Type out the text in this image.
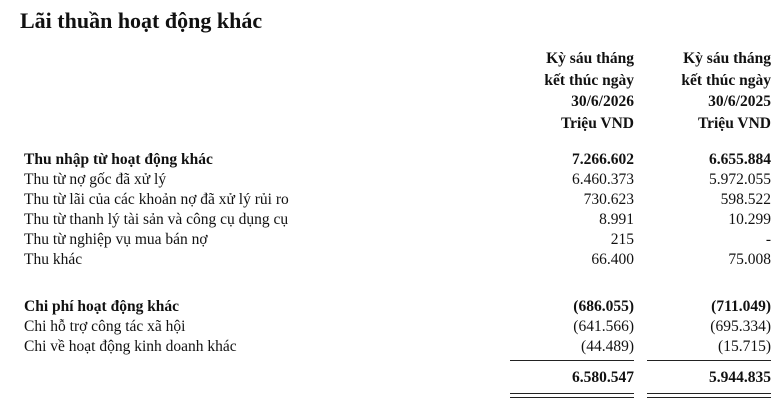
Lãi thuần hoạt động khác
Kỳ sáu tháng
kết thúc ngày
30/6/2026
Triệu VND
Kỳ sáu tháng
kết thúc ngày
30/6/2025
Triệu VND
Thu nhập từ hoạt động khác	7.266.602	6.655.884
Thu từ nợ gốc đã xử lý	6.460.373	5.972.055
Thu từ lãi của các khoản nợ đã xử lý rủi ro	730.623	598.522
Thu từ thanh lý tài sản và công cụ dụng cụ	8.991	10.299
Thu từ nghiệp vụ mua bán nợ	215	-
Thu khác	66.400	75.008
Chi phí hoạt động khác	(686.055)	(711.049)
Chi hỗ trợ công tác xã hội	(641.566)	(695.334)
Chi về hoạt động kinh doanh khác	(44.489)	(15.715)
6.580.547	5.944.835
